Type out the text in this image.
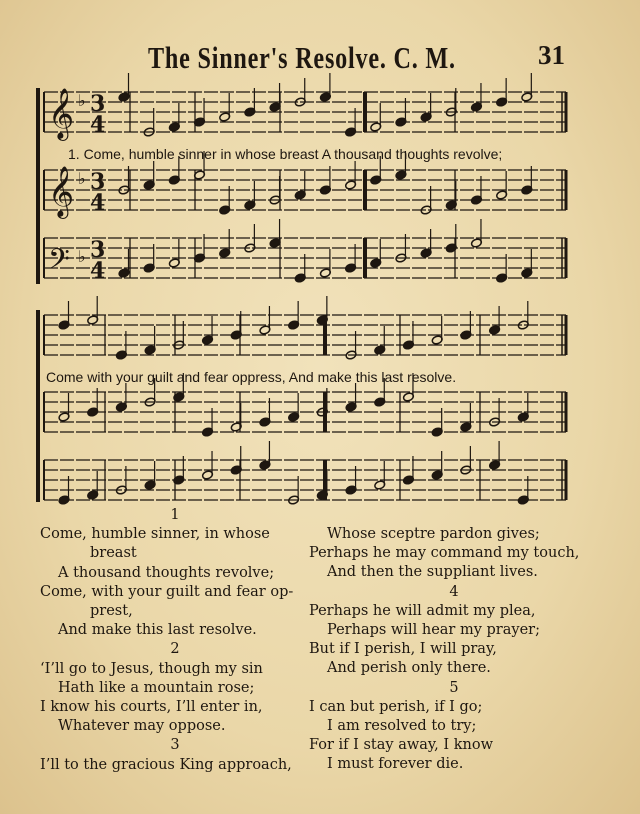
The Sinner's Resolve. C. M.	31
𝄞 ♭ 3
4
𝄞 ♭ 3
4
𝄢 ♭ 3
4
1. Come, humble sinner in whose breast A thousand thoughts revolve;
Come with your guilt and fear oppress, And make this last resolve.
1
Come, humble sinner, in whose
breast
A thousand thoughts revolve;
Come, with your guilt and fear op-
prest,
And make this last resolve.
2
‘I’ll go to Jesus, though my sin
Hath like a mountain rose;
I know his courts, I’ll enter in,
Whatever may oppose.
3
I’ll to the gracious King approach,
Whose sceptre pardon gives;
Perhaps he may command my touch,
And then the suppliant lives.
4
Perhaps he will admit my plea,
Perhaps will hear my prayer;
But if I perish, I will pray,
And perish only there.
5
I can but perish, if I go;
I am resolved to try;
For if I stay away, I know
I must forever die.
